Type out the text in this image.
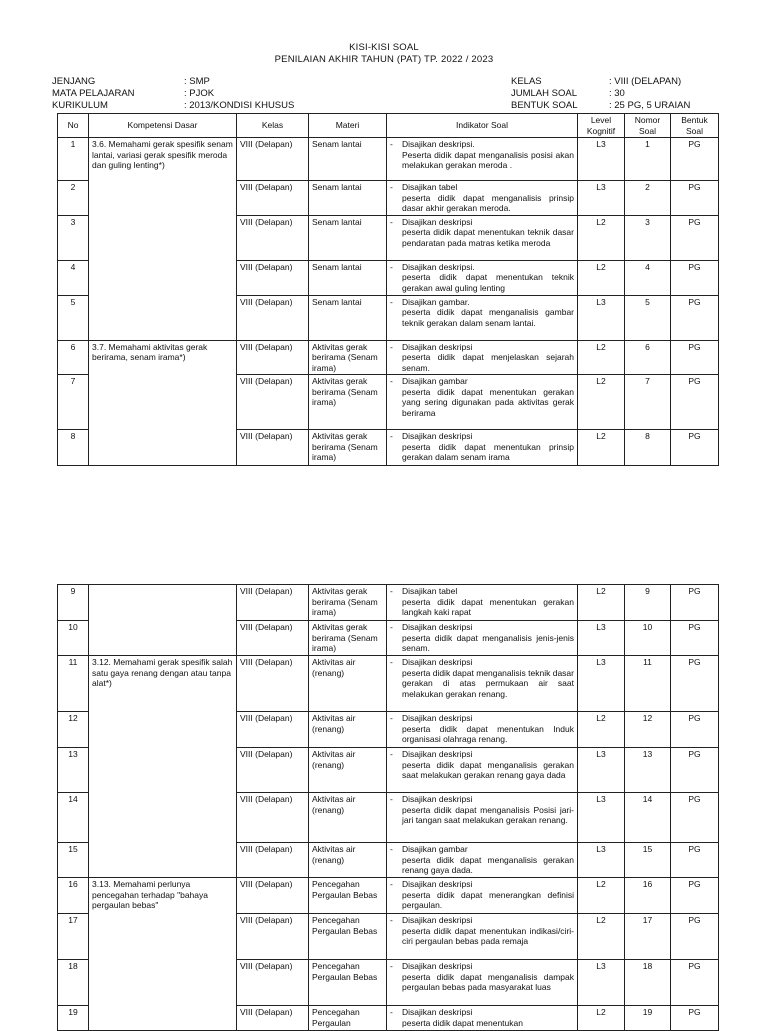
KISI-KISI SOAL
PENILAIAN AKHIR TAHUN (PAT) TP. 2022 / 2023
JENJANG	: SMP
MATA PELAJARAN	: PJOK
KURIKULUM	: 2013/KONDISI KHUSUS
KELAS	: VIII (DELAPAN)
JUMLAH SOAL	: 30
BENTUK SOAL	: 25 PG, 5 URAIAN
No	Kompetensi Dasar	Kelas	Materi	Indikator Soal	Level Kognitif	Nomor Soal	Bentuk Soal
1	3.6. Memahami gerak spesifik senam lantai, variasi gerak spesifik meroda dan guling lenting*)	VIII (Delapan)	Senam lantai	- Disajikan deskripsi.
Peserta didik dapat menganalisis posisi akan melakukan gerakan meroda .	L3	1	PG
2		VIII (Delapan)	Senam lantai	- Disajikan tabel
peserta didik dapat menganalisis prinsip dasar akhir gerakan meroda.	L3	2	PG
3		VIII (Delapan)	Senam lantai	- Disajikan deskripsi
peserta didik dapat menentukan teknik dasar pendaratan pada matras ketika meroda	L2	3	PG
4		VIII (Delapan)	Senam lantai	- Disajikan deskripsi.
peserta didik dapat menentukan teknik gerakan awal guling lenting	L2	4	PG
5		VIII (Delapan)	Senam lantai	- Disajikan gambar.
peserta didik dapat menganalisis gambar teknik gerakan dalam senam lantai.	L3	5	PG
6	3.7. Memahami aktivitas gerak berirama, senam irama*)	VIII (Delapan)	Aktivitas gerak berirama (Senam irama)	- Disajikan deskripsi
peserta didik dapat menjelaskan sejarah senam.	L2	6	PG
7		VIII (Delapan)	Aktivitas gerak berirama (Senam irama)	- Disajikan gambar
peserta didik dapat menentukan gerakan yang sering digunakan pada aktivitas gerak berirama	L2	7	PG
8		VIII (Delapan)	Aktivitas gerak berirama (Senam irama)	- Disajikan deskripsi
peserta didik dapat menentukan prinsip gerakan dalam senam irama	L2	8	PG
9		VIII (Delapan)	Aktivitas gerak berirama (Senam irama)	- Disajikan tabel
peserta didik dapat menentukan gerakan langkah kaki rapat	L2	9	PG
10		VIII (Delapan)	Aktivitas gerak berirama (Senam irama)	- Disajikan deskripsi
peserta didik dapat menganalisis jenis-jenis senam.	L3	10	PG
11	3.12. Memahami gerak spesifik salah satu gaya renang dengan atau tanpa alat*)	VIII (Delapan)	Aktivitas air (renang)	- Disajikan deskripsi
peserta didik dapat menganalisis teknik dasar gerakan di atas permukaan air saat melakukan gerakan renang.	L3	11	PG
12		VIII (Delapan)	Aktivitas air (renang)	- Disajikan deskripsi
peserta didik dapat menentukan Induk organisasi olahraga renang.	L2	12	PG
13		VIII (Delapan)	Aktivitas air (renang)	- Disajikan deskripsi
peserta didik dapat menganalisis gerakan saat melakukan gerakan renang gaya dada	L3	13	PG
14		VIII (Delapan)	Aktivitas air (renang)	- Disajikan deskripsi
peserta didik dapat menganalisis Posisi jari-jari tangan saat melakukan gerakan renang.	L3	14	PG
15		VIII (Delapan)	Aktivitas air (renang)	- Disajikan gambar
peserta didik dapat menganalisis gerakan renang gaya dada.	L3	15	PG
16	3.13. Memahami perlunya pencegahan terhadap "bahaya pergaulan bebas"	VIII (Delapan)	Pencegahan Pergaulan Bebas	- Disajikan deskripsi
peserta didik dapat menerangkan definisi pergaulan.	L2	16	PG
17		VIII (Delapan)	Pencegahan Pergaulan Bebas	- Disajikan deskripsi
peserta didik dapat menentukan indikasi/ciri-ciri pergaulan bebas pada remaja	L2	17	PG
18		VIII (Delapan)	Pencegahan Pergaulan Bebas	- Disajikan deskripsi
peserta didik dapat menganalisis dampak pergaulan bebas pada masyarakat luas	L3	18	PG
19		VIII (Delapan)	Pencegahan Pergaulan	- Disajikan deskripsi
peserta didik dapat menentukan	L2	19	PG
